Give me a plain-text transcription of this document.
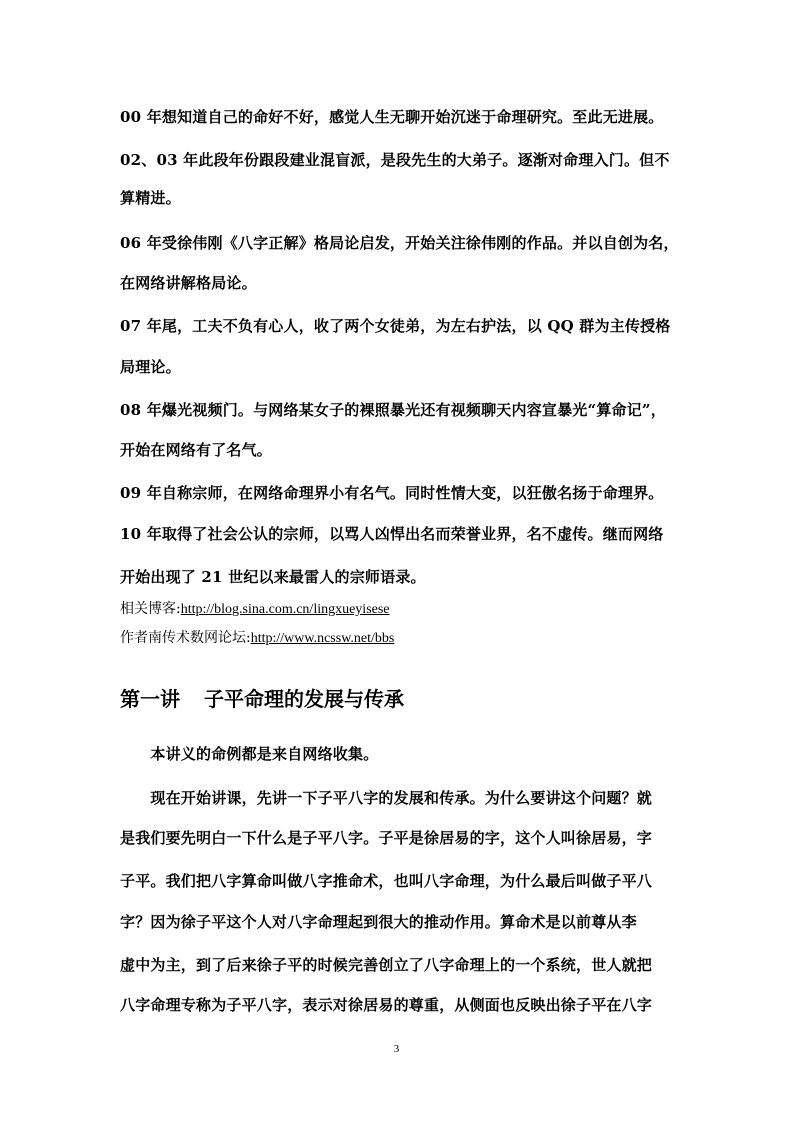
00 年想知道自己的命好不好，感觉人生无聊开始沉迷于命理研究。至此无进展。
02、03 年此段年份跟段建业混盲派，是段先生的大弟子。逐渐对命理入门。但不
算精进。
06 年受徐伟刚《八字正解》格局论启发，开始关注徐伟刚的作品。并以自创为名，
在网络讲解格局论。
07 年尾，工夫不负有心人，收了两个女徒弟，为左右护法，以 QQ 群为主传授格
局理论。
08 年爆光视频门。与网络某女子的裸照暴光还有视频聊天内容宣暴光“算命记”，
开始在网络有了名气。
09 年自称宗师，在网络命理界小有名气。同时性情大变，以狂傲名扬于命理界。
10 年取得了社会公认的宗师，以骂人凶悍出名而荣誉业界，名不虚传。继而网络
开始出现了 21 世纪以来最雷人的宗师语录。
相关博客:http://blog.sina.com.cn/lingxueyisese
作者南传术数网论坛:http://www.ncssw.net/bbs
第一讲 子平命理的发展与传承
　　本讲义的命例都是来自网络收集。
　　现在开始讲课，先讲一下子平八字的发展和传承。为什么要讲这个问题？就
是我们要先明白一下什么是子平八字。子平是徐居易的字，这个人叫徐居易，字
子平。我们把八字算命叫做八字推命术，也叫八字命理，为什么最后叫做子平八
字？因为徐子平这个人对八字命理起到很大的推动作用。算命术是以前尊从李
虚中为主，到了后来徐子平的时候完善创立了八字命理上的一个系统，世人就把
八字命理专称为子平八字，表示对徐居易的尊重，从侧面也反映出徐子平在八字
3
